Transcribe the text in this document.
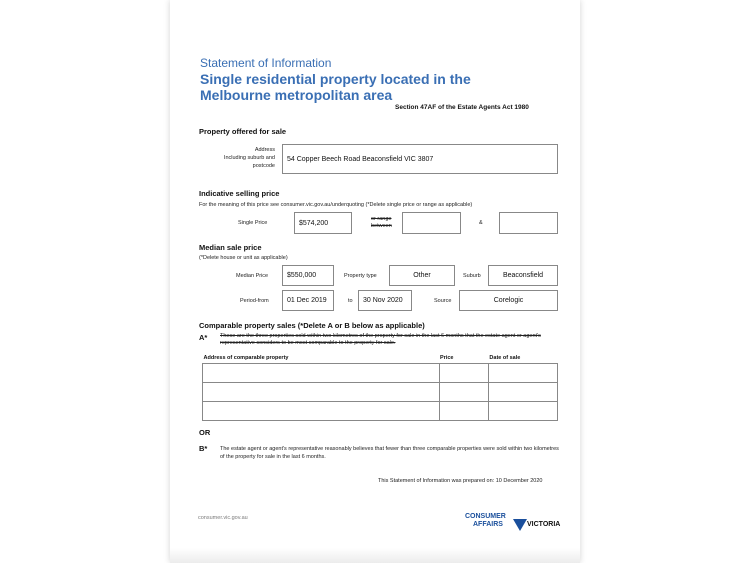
Statement of Information
Single residential property located in the Melbourne metropolitan area
Section 47AF of the Estate Agents Act 1980
Property offered for sale
Address
Including suburb and
postcode
54 Copper Beech Road Beaconsfield VIC 3807
Indicative selling price
For the meaning of this price see consumer.vic.gov.au/underquoting (*Delete single price or range as applicable)
Single Price	$574,200
or range
between	&
Median sale price
(*Delete house or unit as applicable)
Median Price	$550,000	Property type	Other	Suburb	Beaconsfield
Period-from	01 Dec 2019	to	30 Nov 2020	Source	Corelogic
Comparable property sales (*Delete A or B below as applicable)
A* These are the three properties sold within two kilometres of the property for sale in the last 6 months that the estate agent or agent's representative considers to be most comparable to the property for sale.
Address of comparable property	Price	Date of sale

OR
B* The estate agent or agent's representative reasonably believes that fewer than three comparable properties were sold within two kilometres of the property for sale in the last 6 months.
This Statement of Information was prepared on: 10 December 2020
consumer.vic.gov.au	CONSUMER
AFFAIRS	VICTORIA
